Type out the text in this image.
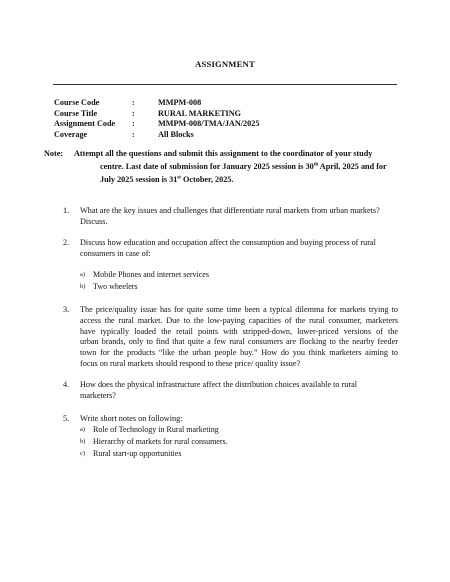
ASSIGNMENT
Course Code	:	MMPM-008
Course Title	:	RURAL MARKETING
Assignment Code	:	MMPM-008/TMA/JAN/2025
Coverage	:	All Blocks
Note: Attempt all the questions and submit this assignment to the coordinator of your study
centre. Last date of submission for January 2025 session is 30th April, 2025 and for
July 2025 session is 31st October, 2025.
1.	What are the key issues and challenges that differentiate rural markets from urban markets?
Discuss.
2.	Discuss how education and occupation affect the consumption and buying process of rural
consumers in case of:
a) Mobile Phones and internet services
b) Two wheelers
3.	The price/quality issue has for quite some time been a typical dilemma for markets trying to
access the rural market. Due to the low-paying capacities of the rural consumer, marketers
have typically loaded the retail points with stripped-down, lower-priced versions of the
urban brands, only to find that quite a few rural consumers are flocking to the nearby feeder
town for the products “like the urban people buy.” How do you think marketers aiming to
focus on rural markets should respond to these price/ quality issue?
4.	How does the physical infrastructure affect the distribution choices available to rural
marketers?
5.	Write short notes on following:
a) Role of Technology in Rural marketing
b) Hierarchy of markets for rural consumers.
c) Rural start-up opportunities
